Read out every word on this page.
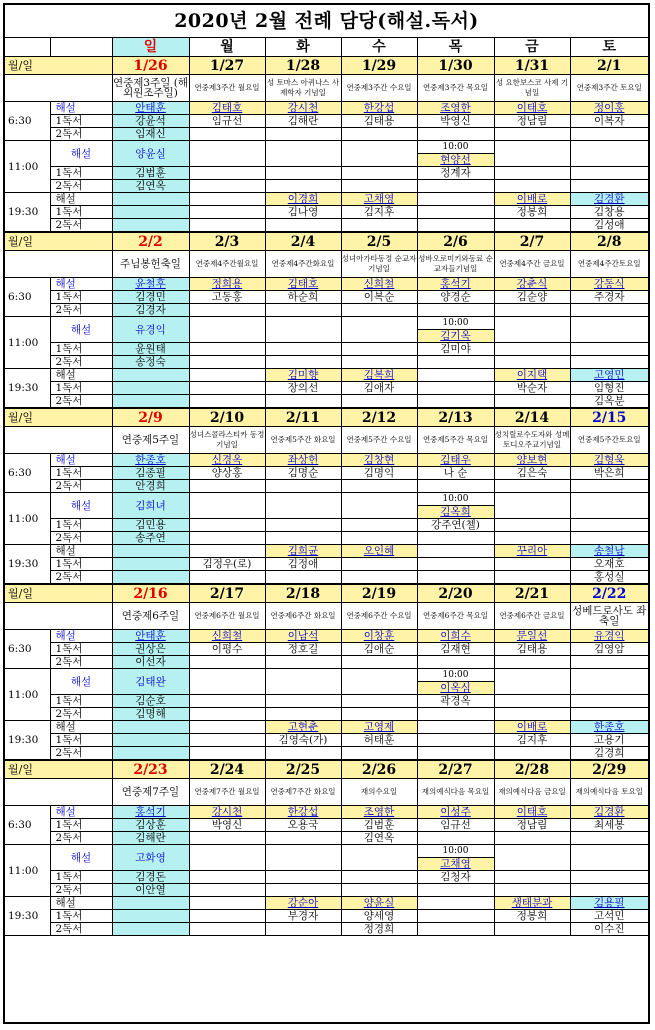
2020년 2월 전례 담당(해설.독서)
		일	월	화	수	목	금	토
월/일		1/26	1/27	1/28	1/29	1/30	1/31	2/1
		연중제3주일 (해외원조주일)	연중제3주간 월요일	성 토마스 아퀴나스 사제학자 기념일	연중제3주간 수요일	연중제3주간 목요일	성 요한보스코 사제 기념일	연중제3주간 토요일
6:30	해설	안태훈	김태호	강시천	한강섭	조영한	이태호	정이홍
	1독서	강윤석	임규선	김해란	김태용	박영신	정남림	이복자
	2독서	임재신						
11:00	해설	양윤실				10:00		
						현양선		
	1독서	김범훈				정계자		
	2독서	김연옥						
19:30	해설			이경희	고채영		이배로	김경환
	1독서			김나영	김지후		정봉희	김창용
	2독서							김성애
월/일		2/2	2/3	2/4	2/5	2/6	2/7	2/8
		주님봉헌축일	연중제4주간월요일	연중제4주간화요일	성녀아가타동정 순교자기념일	성바오로미키와동료 순교자들기념일	연중제4주간 금요일	연중제4주간토요일
6:30	해설	윤철후	정희용	김태호	신희철	홍석기	강춘식	강동식
	1독서	김경민	고동홍	하순희	이복순	양경순	김순양	주경자
	2독서	김경자						
11:00	해설	유경익				10:00		
						김기옥		
	1독서	윤원태				김미야		
	2독서	송정숙						
19:30	해설			김미향	김복희		이지택	고영민
	1독서			장의선	김애자		박순자	임형진
	2독서							김옥분
월/일		2/9	2/10	2/11	2/12	2/13	2/14	2/15
		연중제5주일	성녀스콜라스티카 동정기념일	연중제5주간 화요일	연중제5주간 수요일	연중제5주간 목요일	성치릴로수도자와 성메토디오주교기념일	연중제5주간토요일
6:30	해설	한종호	신경옥	좌상헌	김창현	김태우	양보현	김형욱
	1독서	김종필	양상홍	김명순	김명익	나 순	김은숙	박은희
	2독서	안경희						
11:00	해설	김희녀				10:00		
						김옥희		
	1독서	김민용				강주연(첼)		
	2독서	송주연						
19:30	해설			김희균	오인혜		꾸리아	송철남
	1독서		김정우(로)	김정애				오재호
	2독서							홍성실
월/일		2/16	2/17	2/18	2/19	2/20	2/21	2/22
		연중제6주일	연중제6주간 월요일	연중제6주간 화요일	연중제6주간 수요일	연중제6주간 목요일	연중제6주간 금요일	성베드로사도 좌축일
6:30	해설	안태훈	신희철	이남석	이창훈	이희수	문일선	유경익
	1독서	권상은	이평수	정호길	김애순	김재현	김태용	김영암
	2독서	이선자						
11:00	해설	김태완				10:00		
						이옥심		
	1독서	김순호				곽경옥		
	2독서	김명해						
19:30	해설			고현춘	고영제		이배로	한종호
	1독서			김영숙(가)	허태훈		김지후	고용기
	2독서							김경희
월/일		2/23	2/24	2/25	2/26	2/27	2/28	2/29
		연중제7주일	연중제7주간 월요일	연중제7주간 화요일	재의수요일	재의예식다음 목요일	재의예식다음 금요일	재의예식다음 토요일
6:30	해설	홍석기	강시천	한강섭	조영한	이성주	이태호	김경환
	1독서	김상훈	박영신	오용국	김범훈	임규선	정남림	최세봉
	2독서	김해란			김연옥			
11:00	해설	고화영				10:00		
						고채영		
	1독서	김경돈				김청자		
	2독서	이안열						
19:30	해설			강순아	양윤실		생태분과	김용필
	1독서			부경자	양세영		정봉희	고석민
	2독서				정경희			이수진
